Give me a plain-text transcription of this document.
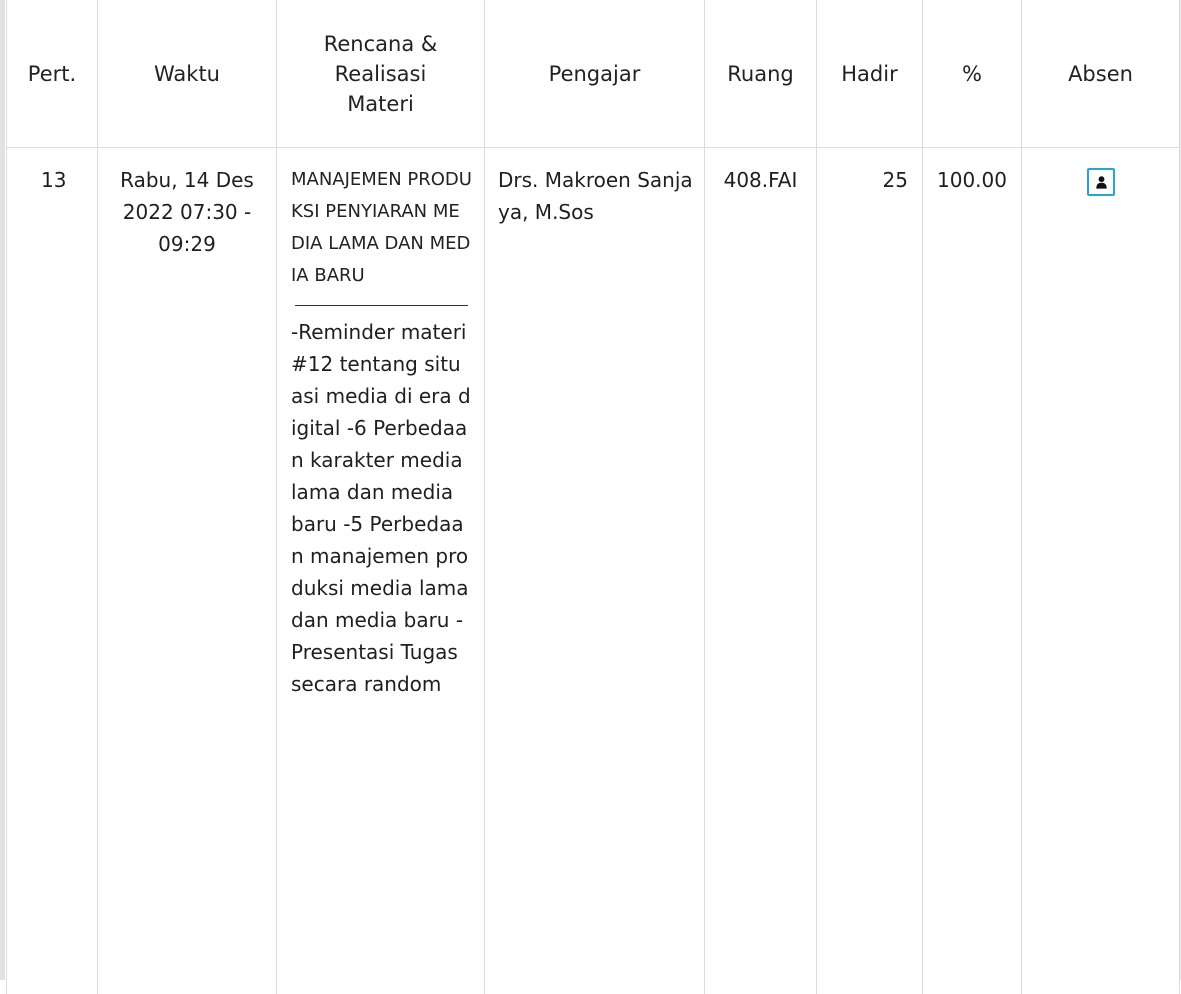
Pert.	Waktu	Rencana & Realisasi Materi	Pengajar	Ruang	Hadir	%	Absen
13	Rabu, 14 Des 2022 07:30 - 09:29	MANAJEMEN PRODUKSI PENYIARAN MEDIA LAMA DAN MEDIA BARU
-Reminder materi #12 tentang situasi media di era digital -6 Perbedaan karakter media lama dan media baru -5 Perbedaan manajemen produksi media lama dan media baru -Presentasi Tugas secara random	Drs. Makroen Sanjaya, M.Sos	408.FAI	25	100.00	
